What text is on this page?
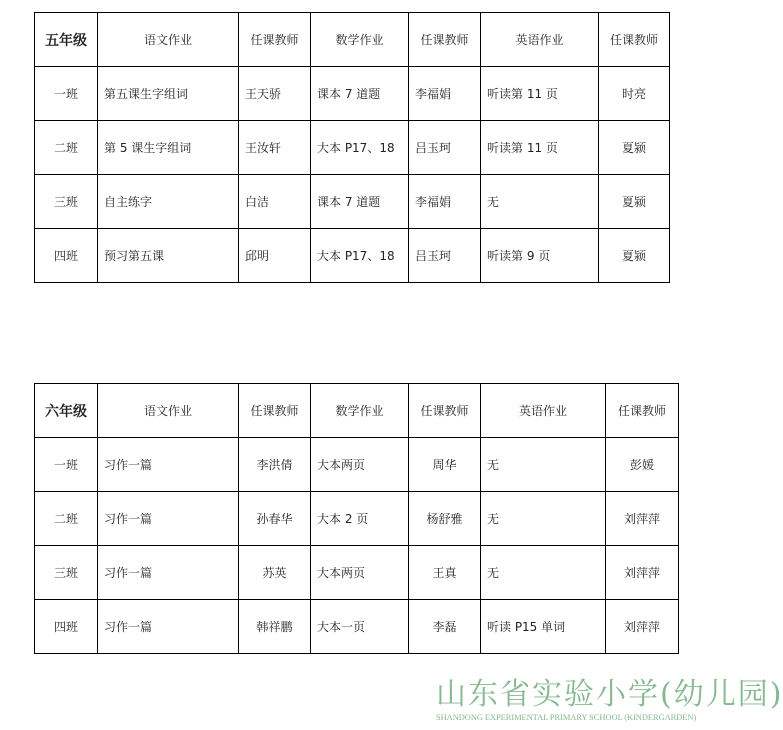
五年级	语文作业	任课教师	数学作业	任课教师	英语作业	任课教师
一班	第五课生字组词	王天骄	课本 7 道题	李福娟	听读第 11 页	时亮
二班	第 5 课生字组词	王汝轩	大本 P17、18	吕玉珂	听读第 11 页	夏颍
三班	自主练字	白洁	课本 7 道题	李福娟	无	夏颍
四班	预习第五课	邱明	大本 P17、18	吕玉珂	听读第 9 页	夏颍
六年级	语文作业	任课教师	数学作业	任课教师	英语作业	任课教师
一班	习作一篇	李洪倩	大本两页	周华	无	彭媛
二班	习作一篇	孙春华	大本 2 页	杨舒雅	无	刘萍萍
三班	习作一篇	苏英	大本两页	王真	无	刘萍萍
四班	习作一篇	韩祥鹏	大本一页	李磊	听读 P15 单词	刘萍萍
山东省实验小学(幼儿园)
SHANDONG EXPERIMENTAL PRIMARY SCHOOL (KINDERGARDEN)
